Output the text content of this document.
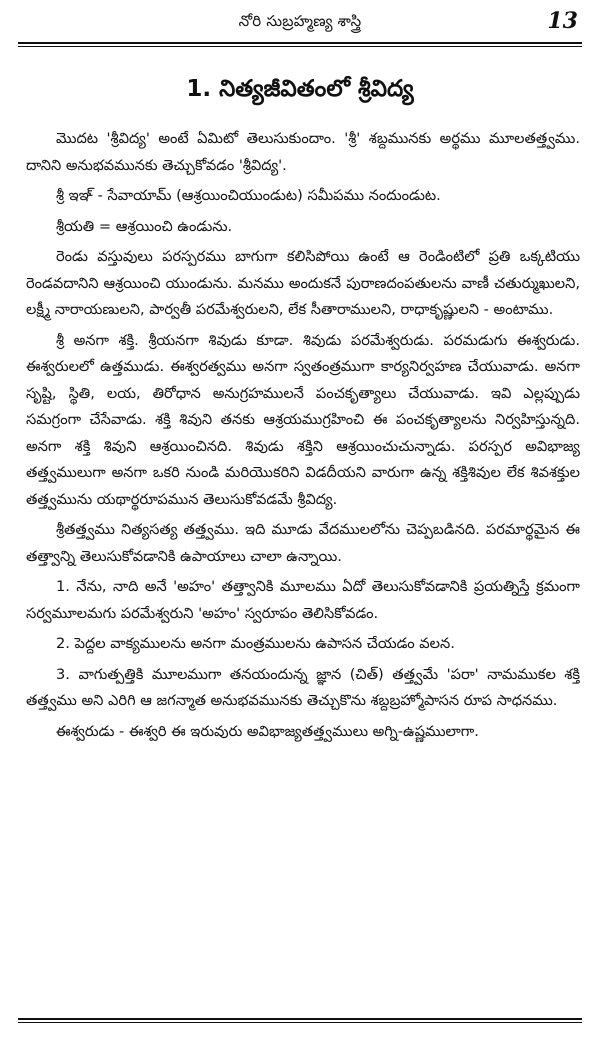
నోరి సుబ్రహ్మణ్య శాస్త్రి	13
1. నిత్యజీవితంలో శ్రీవిద్య

మొదట 'శ్రీవిద్య' అంటే ఏమిటో తెలుసుకుందాం. 'శ్రీ' శబ్దమునకు అర్థము మూలతత్త్వము. దానిని అనుభవమునకు తెచ్చుకోవడం 'శ్రీవిద్య'.

శ్రీ ఇఞ్ - సేవాయామ్ (ఆశ్రయించియుండుట) సమీపము నందుండుట.

శ్రీయతి = ఆశ్రయించి ఉండును.

రెండు వస్తువులు పరస్పరము బాగుగా కలిసిపోయి ఉంటే ఆ రెండింటిలో ప్రతి ఒక్కటియు రెండవదానిని ఆశ్రయించి యుండును. మనము అందుకనే పురాణదంపతులను వాణీ చతుర్ముఖులని, లక్ష్మీ నారాయణులని, పార్వతీ పరమేశ్వరులని, లేక సీతారాములని, రాధాకృష్ణులని - అంటాము.

శ్రీ అనగా శక్తి. శ్రీయనగా శివుడు కూడా. శివుడు పరమేశ్వరుడు. పరమడుగు ఈశ్వరుడు. ఈశ్వరులలో ఉత్తముడు. ఈశ్వరత్వము అనగా స్వతంత్రముగా కార్యనిర్వహణ చేయువాడు. అనగా సృష్టి, స్థితి, లయ, తిరోధాన అనుగ్రహములనే పంచకృత్యాలు చేయువాడు. ఇవి ఎల్లప్పుడు సమగ్రంగా చేసేవాడు. శక్తి శివుని తనకు ఆశ్రయముగ్రహించి ఈ పంచకృత్యాలను నిర్వహిస్తున్నది. అనగా శక్తి శివుని ఆశ్రయించినది. శివుడు శక్తిని ఆశ్రయించుచున్నాడు. పరస్పర అవిభాజ్య తత్త్వములుగా అనగా ఒకరి నుండి మరియొకరిని విడదీయని వారుగా ఉన్న శక్తిశివుల లేక శివశక్తుల తత్త్వమును యథార్థరూపమున తెలుసుకోవడమే శ్రీవిద్య.

శ్రీతత్త్వము నిత్యసత్య తత్త్వము. ఇది మూడు వేదములలోను చెప్పబడినది. పరమార్థమైన ఈ తత్త్వాన్ని తెలుసుకోవడానికి ఉపాయాలు చాలా ఉన్నాయి.

1. నేను, నాది అనే 'అహం' తత్త్వానికి మూలము ఏదో తెలుసుకోవడానికి ప్రయత్నిస్తే క్రమంగా సర్వమూలమగు పరమేశ్వరుని 'అహం' స్వరూపం తెలిసికోవడం.

2. పెద్దల వాక్యములను అనగా మంత్రములను ఉపాసన చేయడం వలన.

3. వాగుత్పత్తికి మూలముగా తనయందున్న జ్ఞాన (చిత్) తత్త్వమే 'పరా' నామముకల శక్తి తత్త్వము అని ఎరిగి ఆ జగన్మాత అనుభవమునకు తెచ్చుకొను శబ్దబ్రహ్మోపాసన రూప సాధనము.

ఈశ్వరుడు - ఈశ్వరి ఈ ఇరువురు అవిభాజ్యతత్త్వములు అగ్ని-ఉష్ణములాగా.
